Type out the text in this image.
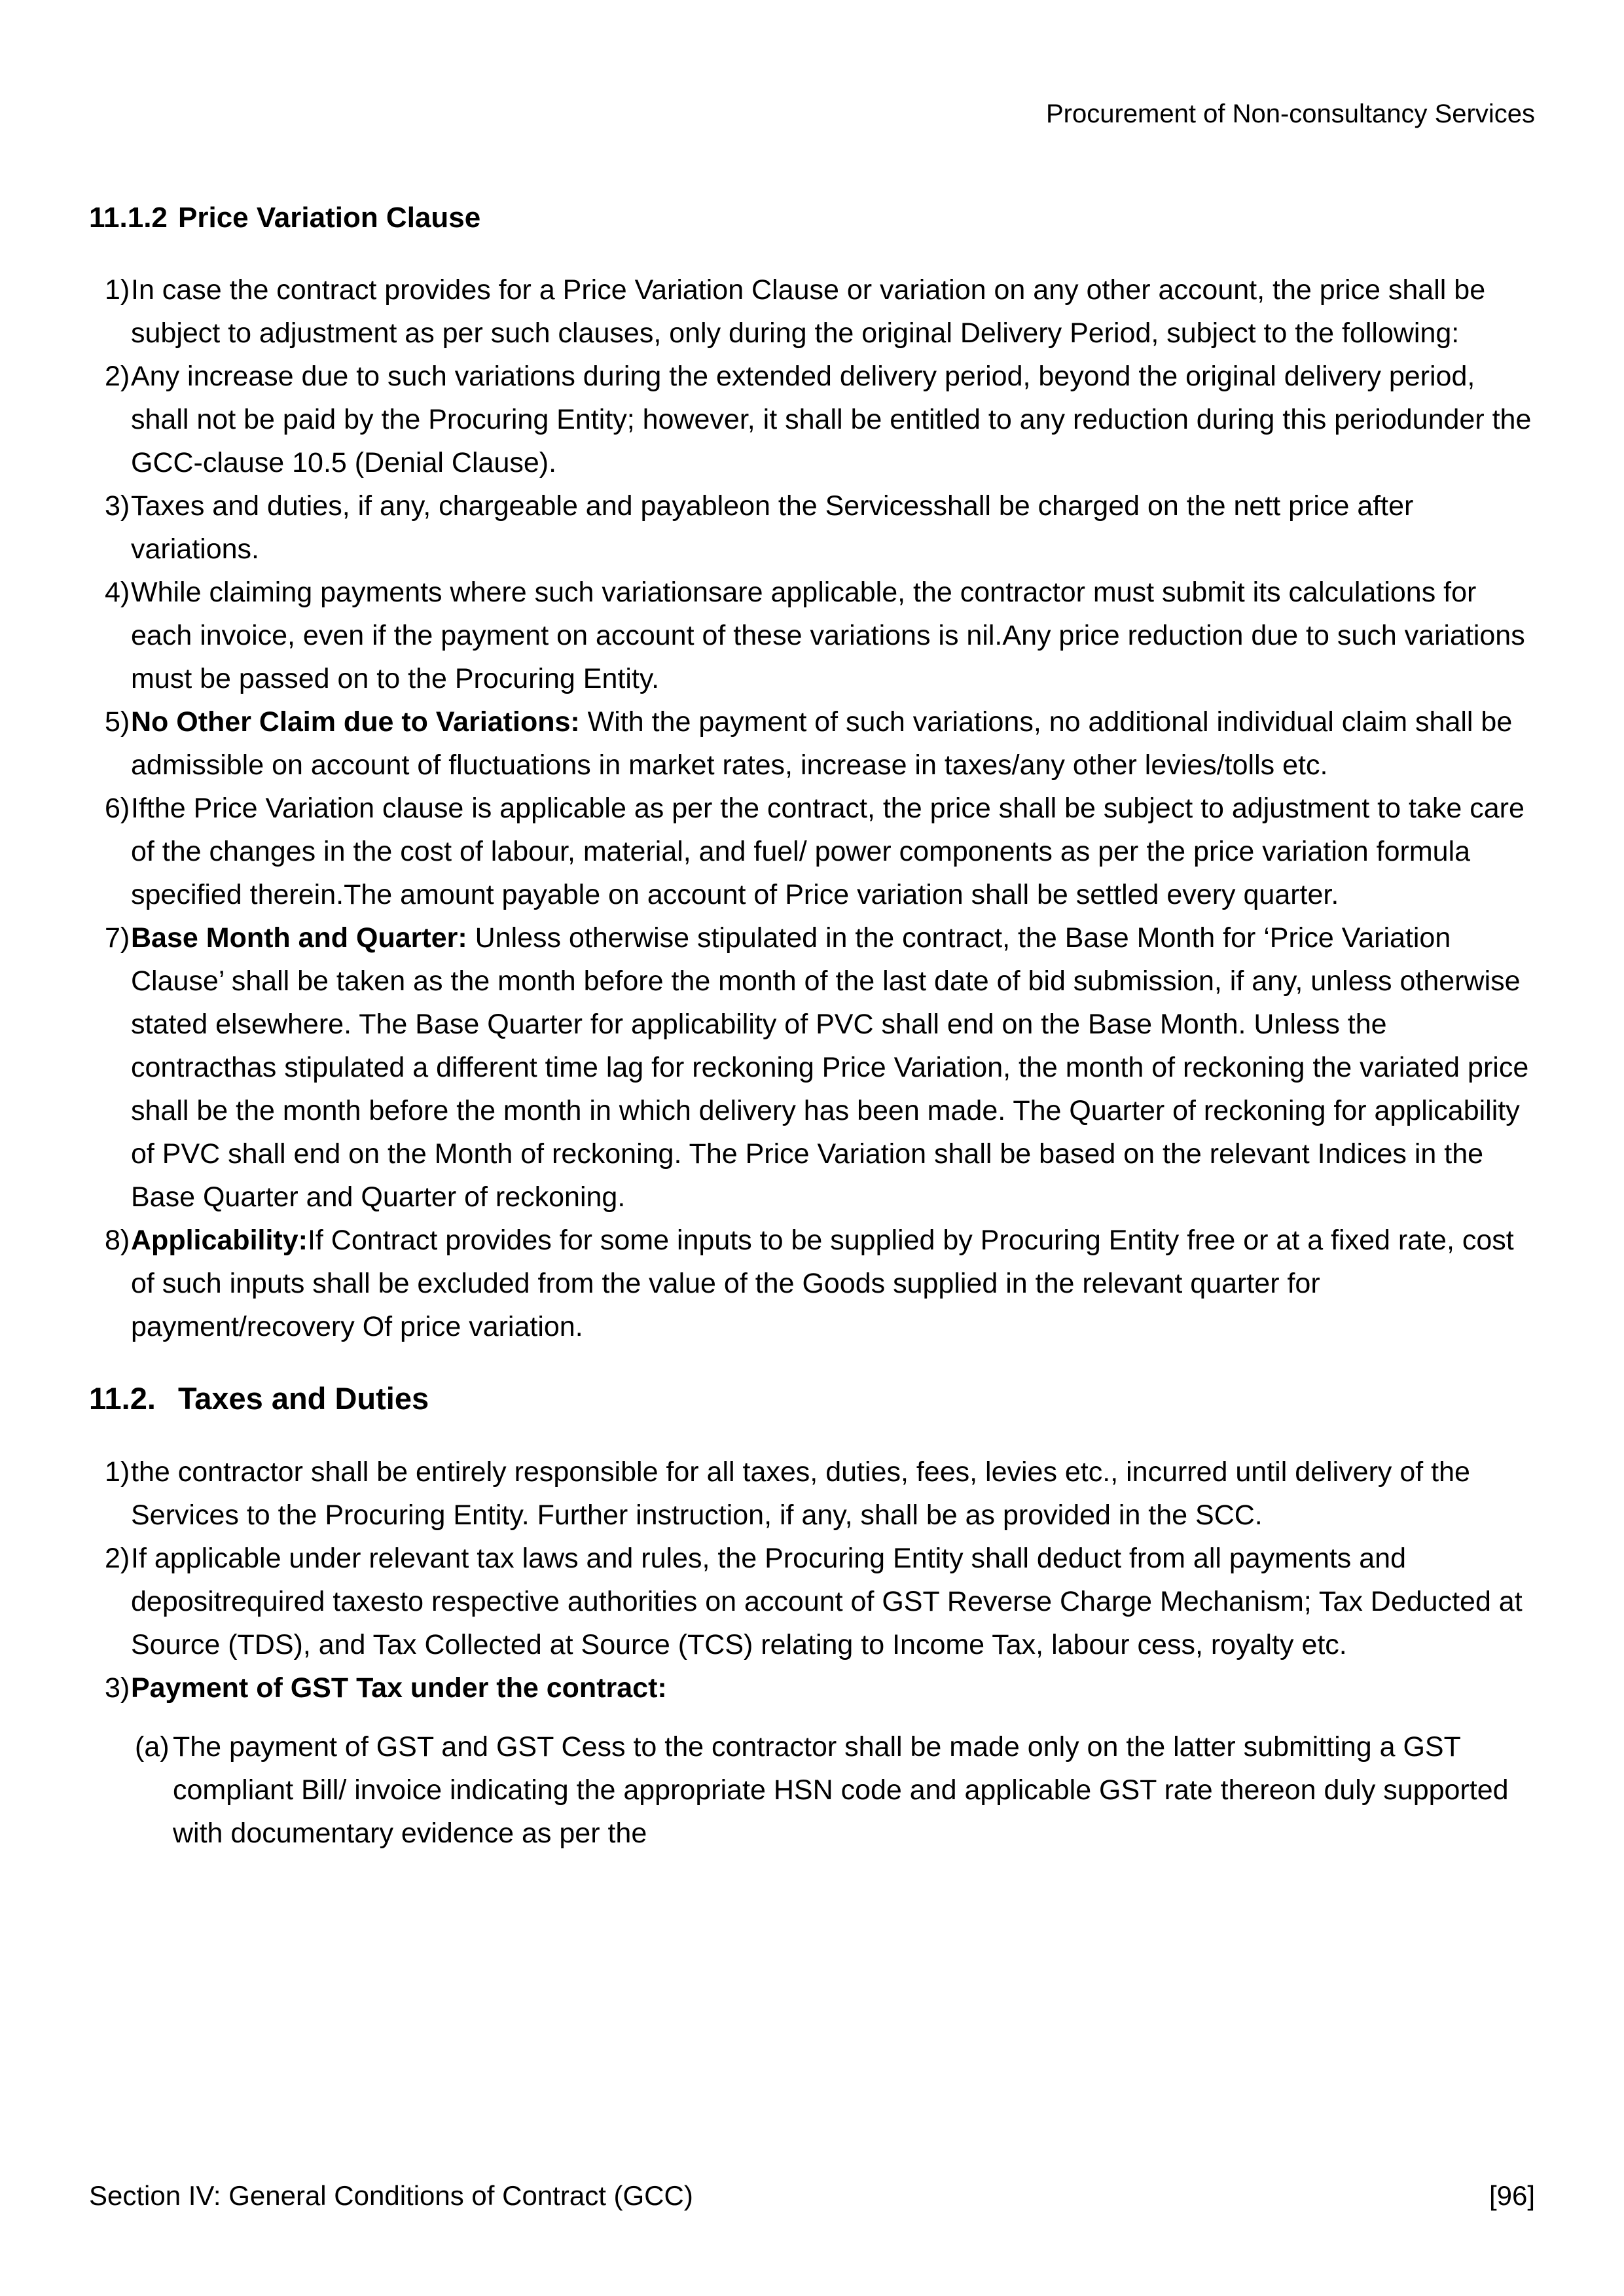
Procurement of Non-consultancy Services
11.1.2 Price Variation Clause
1) In case the contract provides for a Price Variation Clause or variation on any other account, the price shall be subject to adjustment as per such clauses, only during the original Delivery Period, subject to the following:
2) Any increase due to such variations during the extended delivery period, beyond the original delivery period, shall not be paid by the Procuring Entity; however, it shall be entitled to any reduction during this periodunder the GCC-clause 10.5 (Denial Clause).
3) Taxes and duties, if any, chargeable and payableon the Servicesshall be charged on the nett price after variations.
4) While claiming payments where such variationsare applicable, the contractor must submit its calculations for each invoice, even if the payment on account of these variations is nil.Any price reduction due to such variations must be passed on to the Procuring Entity.
5) No Other Claim due to Variations: With the payment of such variations, no additional individual claim shall be admissible on account of fluctuations in market rates, increase in taxes/any other levies/tolls etc.
6) Ifthe Price Variation clause is applicable as per the contract, the price shall be subject to adjustment to take care of the changes in the cost of labour, material, and fuel/ power components as per the price variation formula specified therein.The amount payable on account of Price variation shall be settled every quarter.
7) Base Month and Quarter: Unless otherwise stipulated in the contract, the Base Month for ‘Price Variation Clause’ shall be taken as the month before the month of the last date of bid submission, if any, unless otherwise stated elsewhere. The Base Quarter for applicability of PVC shall end on the Base Month. Unless the contracthas stipulated a different time lag for reckoning Price Variation, the month of reckoning the variated price shall be the month before the month in which delivery has been made. The Quarter of reckoning for applicability of PVC shall end on the Month of reckoning. The Price Variation shall be based on the relevant Indices in the Base Quarter and Quarter of reckoning.
8) Applicability:If Contract provides for some inputs to be supplied by Procuring Entity free or at a fixed rate, cost of such inputs shall be excluded from the value of the Goods supplied in the relevant quarter for payment/recovery Of price variation.
11.2. Taxes and Duties
1) the contractor shall be entirely responsible for all taxes, duties, fees, levies etc., incurred until delivery of the Services to the Procuring Entity. Further instruction, if any, shall be as provided in the SCC.
2) If applicable under relevant tax laws and rules, the Procuring Entity shall deduct from all payments and depositrequired taxesto respective authorities on account of GST Reverse Charge Mechanism; Tax Deducted at Source (TDS), and Tax Collected at Source (TCS) relating to Income Tax, labour cess, royalty etc.
3) Payment of GST Tax under the contract:
(a) The payment of GST and GST Cess to the contractor shall be made only on the latter submitting a GST compliant Bill/ invoice indicating the appropriate HSN code and applicable GST rate thereon duly supported with documentary evidence as per the
Section IV: General Conditions of Contract (GCC)	[96]
